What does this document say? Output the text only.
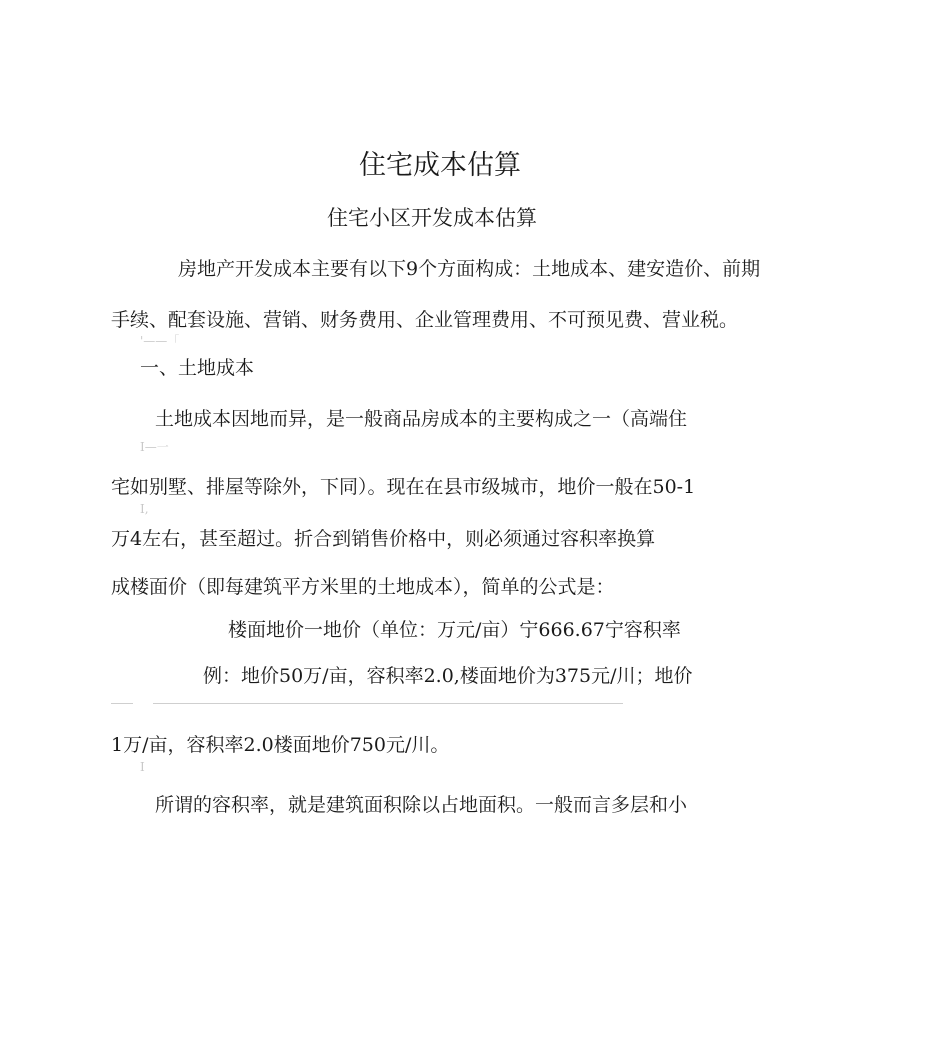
住宅成本估算
住宅小区开发成本估算
房地产开发成本主要有以下9个方面构成：土地成本、建安造价、前期
手续、配套设施、营销、财务费用、企业管理费用、不可预见费、营业税。
'——「
一、土地成本
土地成本因地而异，是一般商品房成本的主要构成之一（高端住
I—一
宅如别墅、排屋等除外，下同）。现在在县市级城市，地价一般在50-1
I,
万4左右，甚至超过。折合到销售价格中，则必须通过容积率换算
成楼面价（即每建筑平方米里的土地成本），简单的公式是：
楼面地价一地价（单位：万元/亩）宁666.67宁容积率
例：地价50万/亩，容积率2.0,楼面地价为375元/川；地价
1万/亩，容积率2.0楼面地价750元/川。
I
所谓的容积率，就是建筑面积除以占地面积。一般而言多层和小
